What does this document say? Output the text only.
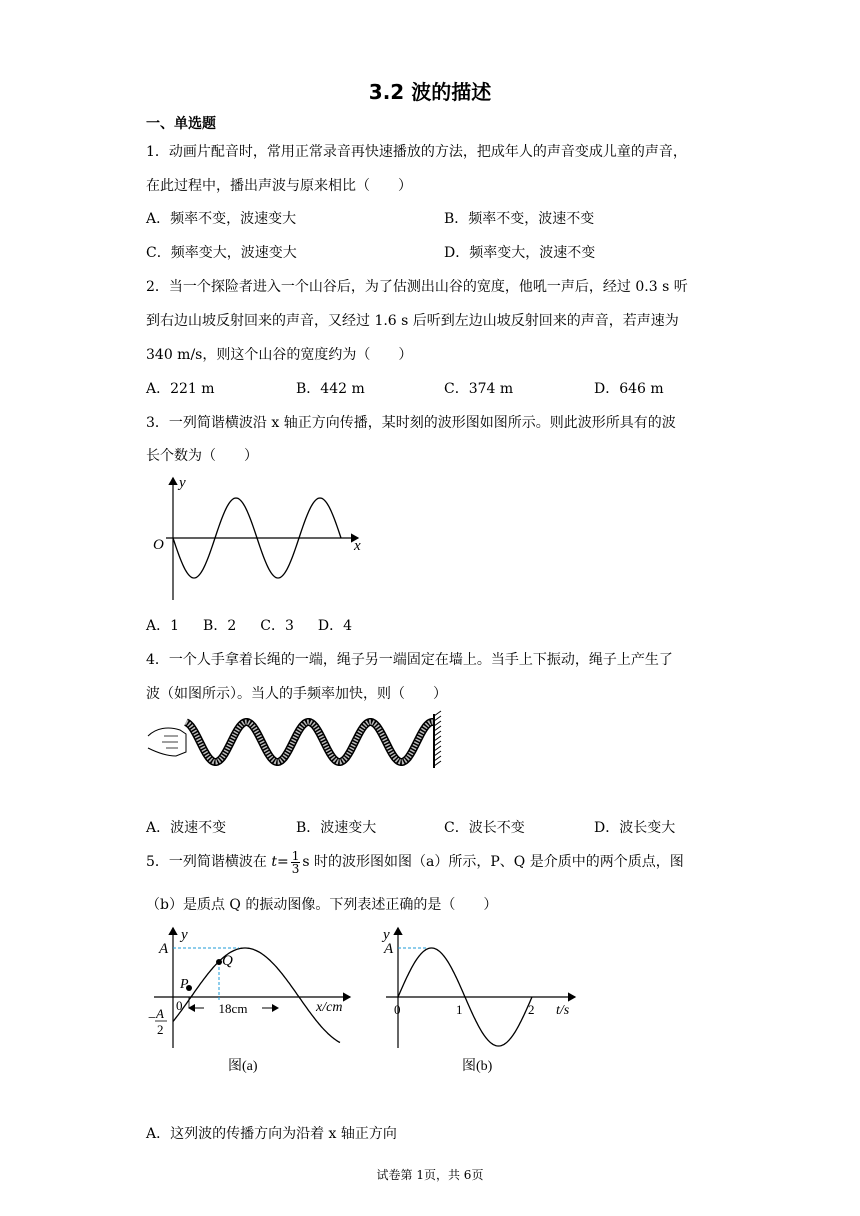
3.2 波的描述
一、单选题
1．动画片配音时，常用正常录音再快速播放的方法，把成年人的声音变成儿童的声音，
在此过程中，播出声波与原来相比（　　）
A．频率不变，波速变大	B．频率不变，波速不变
C．频率变大，波速变大	D．频率变大，波速不变
2．当一个探险者进入一个山谷后，为了估测出山谷的宽度，他吼一声后，经过 0.3 s 听
到右边山坡反射回来的声音，又经过 1.6 s 后听到左边山坡反射回来的声音，若声速为
340 m/s，则这个山谷的宽度约为（　　）
A．221 m	B．442 m	C．374 m	D．646 m
3．一列简谐横波沿 x 轴正方向传播，某时刻的波形图如图所示。则此波形所具有的波
长个数为（　　）
y
x
O
A．1 B．2 C．3 D．4
4．一个人手拿着长绳的一端，绳子另一端固定在墙上。当手上下振动，绳子上产生了
波（如图所示）。当人的手频率加快，则（　　）
A．波速不变	B．波速变大	C．波长不变	D．波长变大
5．一列简谐横波在 $t= \frac{1}{3}$ s 时的波形图如图（a）所示，P、Q 是介质中的两个质点，图
（b）是质点 Q 的振动图像。下列表述正确的是（　　）
18cm
y
A
Q
P
0	x/cm
− A
2
图(a)
y
A
0	1	2 t/s
图(b)
A．这列波的传播方向为沿着 x 轴正方向
试卷第 1页，共 6页
